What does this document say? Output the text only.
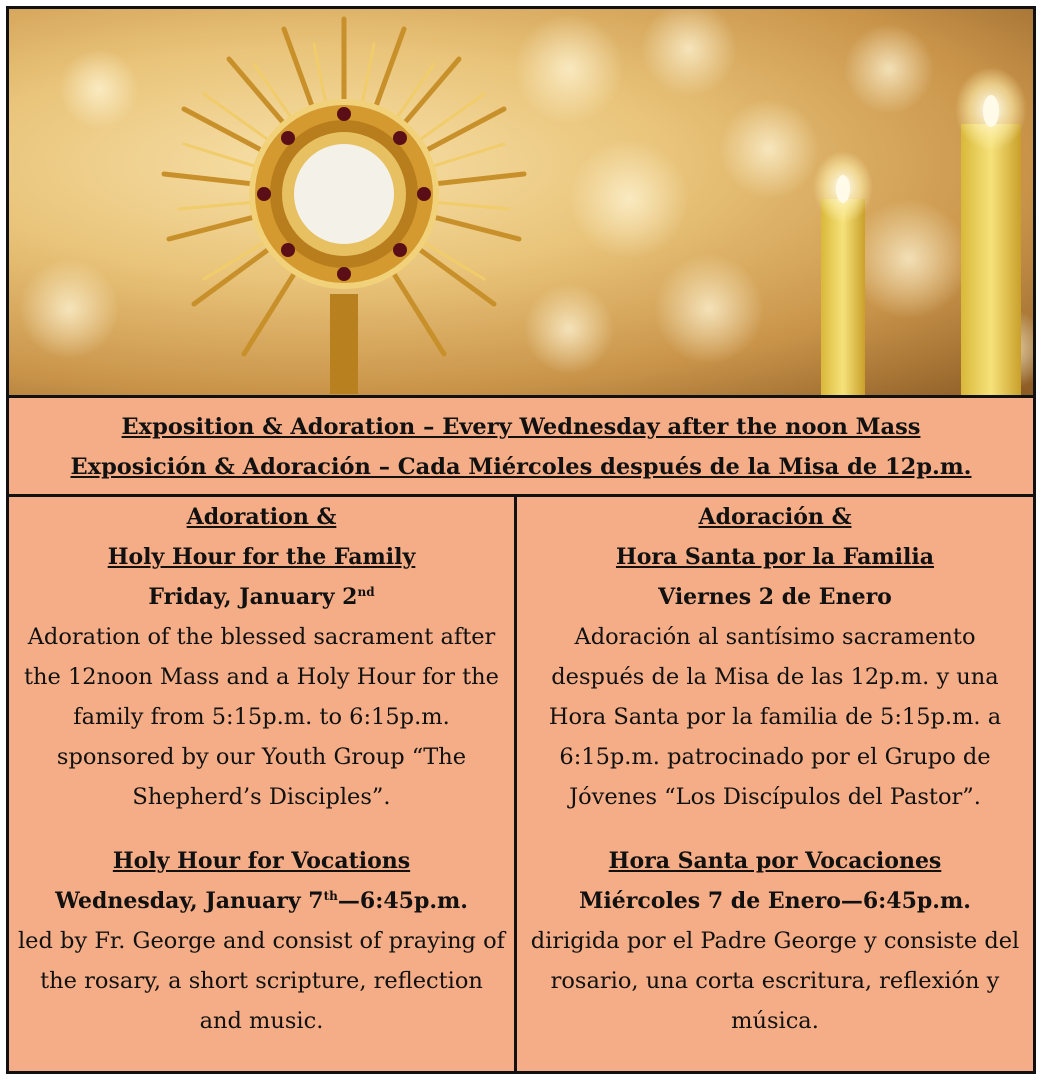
Exposition & Adoration – Every Wednesday after the noon Mass
Exposición & Adoración – Cada Miércoles después de la Misa de 12p.m.
Adoration &
Holy Hour for the Family
Friday, January 2nd
Adoration of the blessed sacrament after the 12noon Mass and a Holy Hour for the family from 5:15p.m. to 6:15p.m. sponsored by our Youth Group “The Shepherd’s Disciples”.
Holy Hour for Vocations
Wednesday, January 7th—6:45p.m.
led by Fr. George and consist of praying of the rosary, a short scripture, reflection and music.
Adoración &
Hora Santa por la Familia
Viernes 2 de Enero
Adoración al santísimo sacramento después de la Misa de las 12p.m. y una Hora Santa por la familia de 5:15p.m. a 6:15p.m. patrocinado por el Grupo de Jóvenes “Los Discípulos del Pastor”.
Hora Santa por Vocaciones
Miércoles 7 de Enero—6:45p.m.
dirigida por el Padre George y consiste del rosario, una corta escritura, reflexión y música.
